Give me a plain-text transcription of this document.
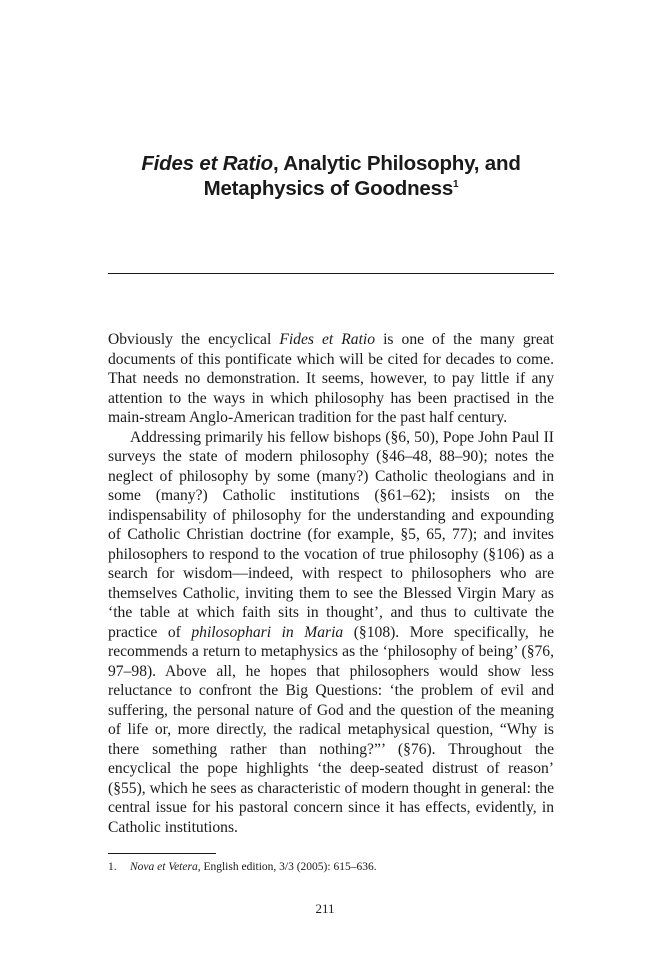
Fides et Ratio, Analytic Philosophy, and
Metaphysics of Goodness$^1$

Obviously the encyclical Fides et Ratio is one of the many great documents of this pontificate which will be cited for decades to come. That needs no demonstration. It seems, however, to pay little if any attention to the ways in which philosophy has been practised in the main-stream Anglo-American tradition for the past half century.

Addressing primarily his fellow bishops (§6, 50), Pope John Paul II surveys the state of modern philosophy (§46–48, 88–90); notes the neglect of philosophy by some (many?) Catholic theologians and in some (many?) Catholic institutions (§61–62); insists on the indispensability of philosophy for the understanding and expounding of Catholic Christian doctrine (for example, §5, 65, 77); and invites philosophers to respond to the vocation of true philosophy (§106) as a search for wisdom—indeed, with respect to philosophers who are themselves Catholic, inviting them to see the Blessed Virgin Mary as ‘the table at which faith sits in thought’, and thus to cultivate the practice of philosophari in Maria (§108). More specifically, he recommends a return to metaphysics as the ‘philosophy of being’ (§76, 97–98). Above all, he hopes that philosophers would show less reluctance to confront the Big Questions: ‘the problem of evil and suffering, the personal nature of God and the question of the meaning of life or, more directly, the radical metaphysical question, “Why is there something rather than nothing?”’ (§76). Throughout the encyclical the pope highlights ‘the deep-seated distrust of reason’ (§55), which he sees as characteristic of modern thought in general: the central issue for his pastoral concern since it has effects, evidently, in Catholic institutions.

1. Nova et Vetera, English edition, 3/3 (2005): 615–636.
211
